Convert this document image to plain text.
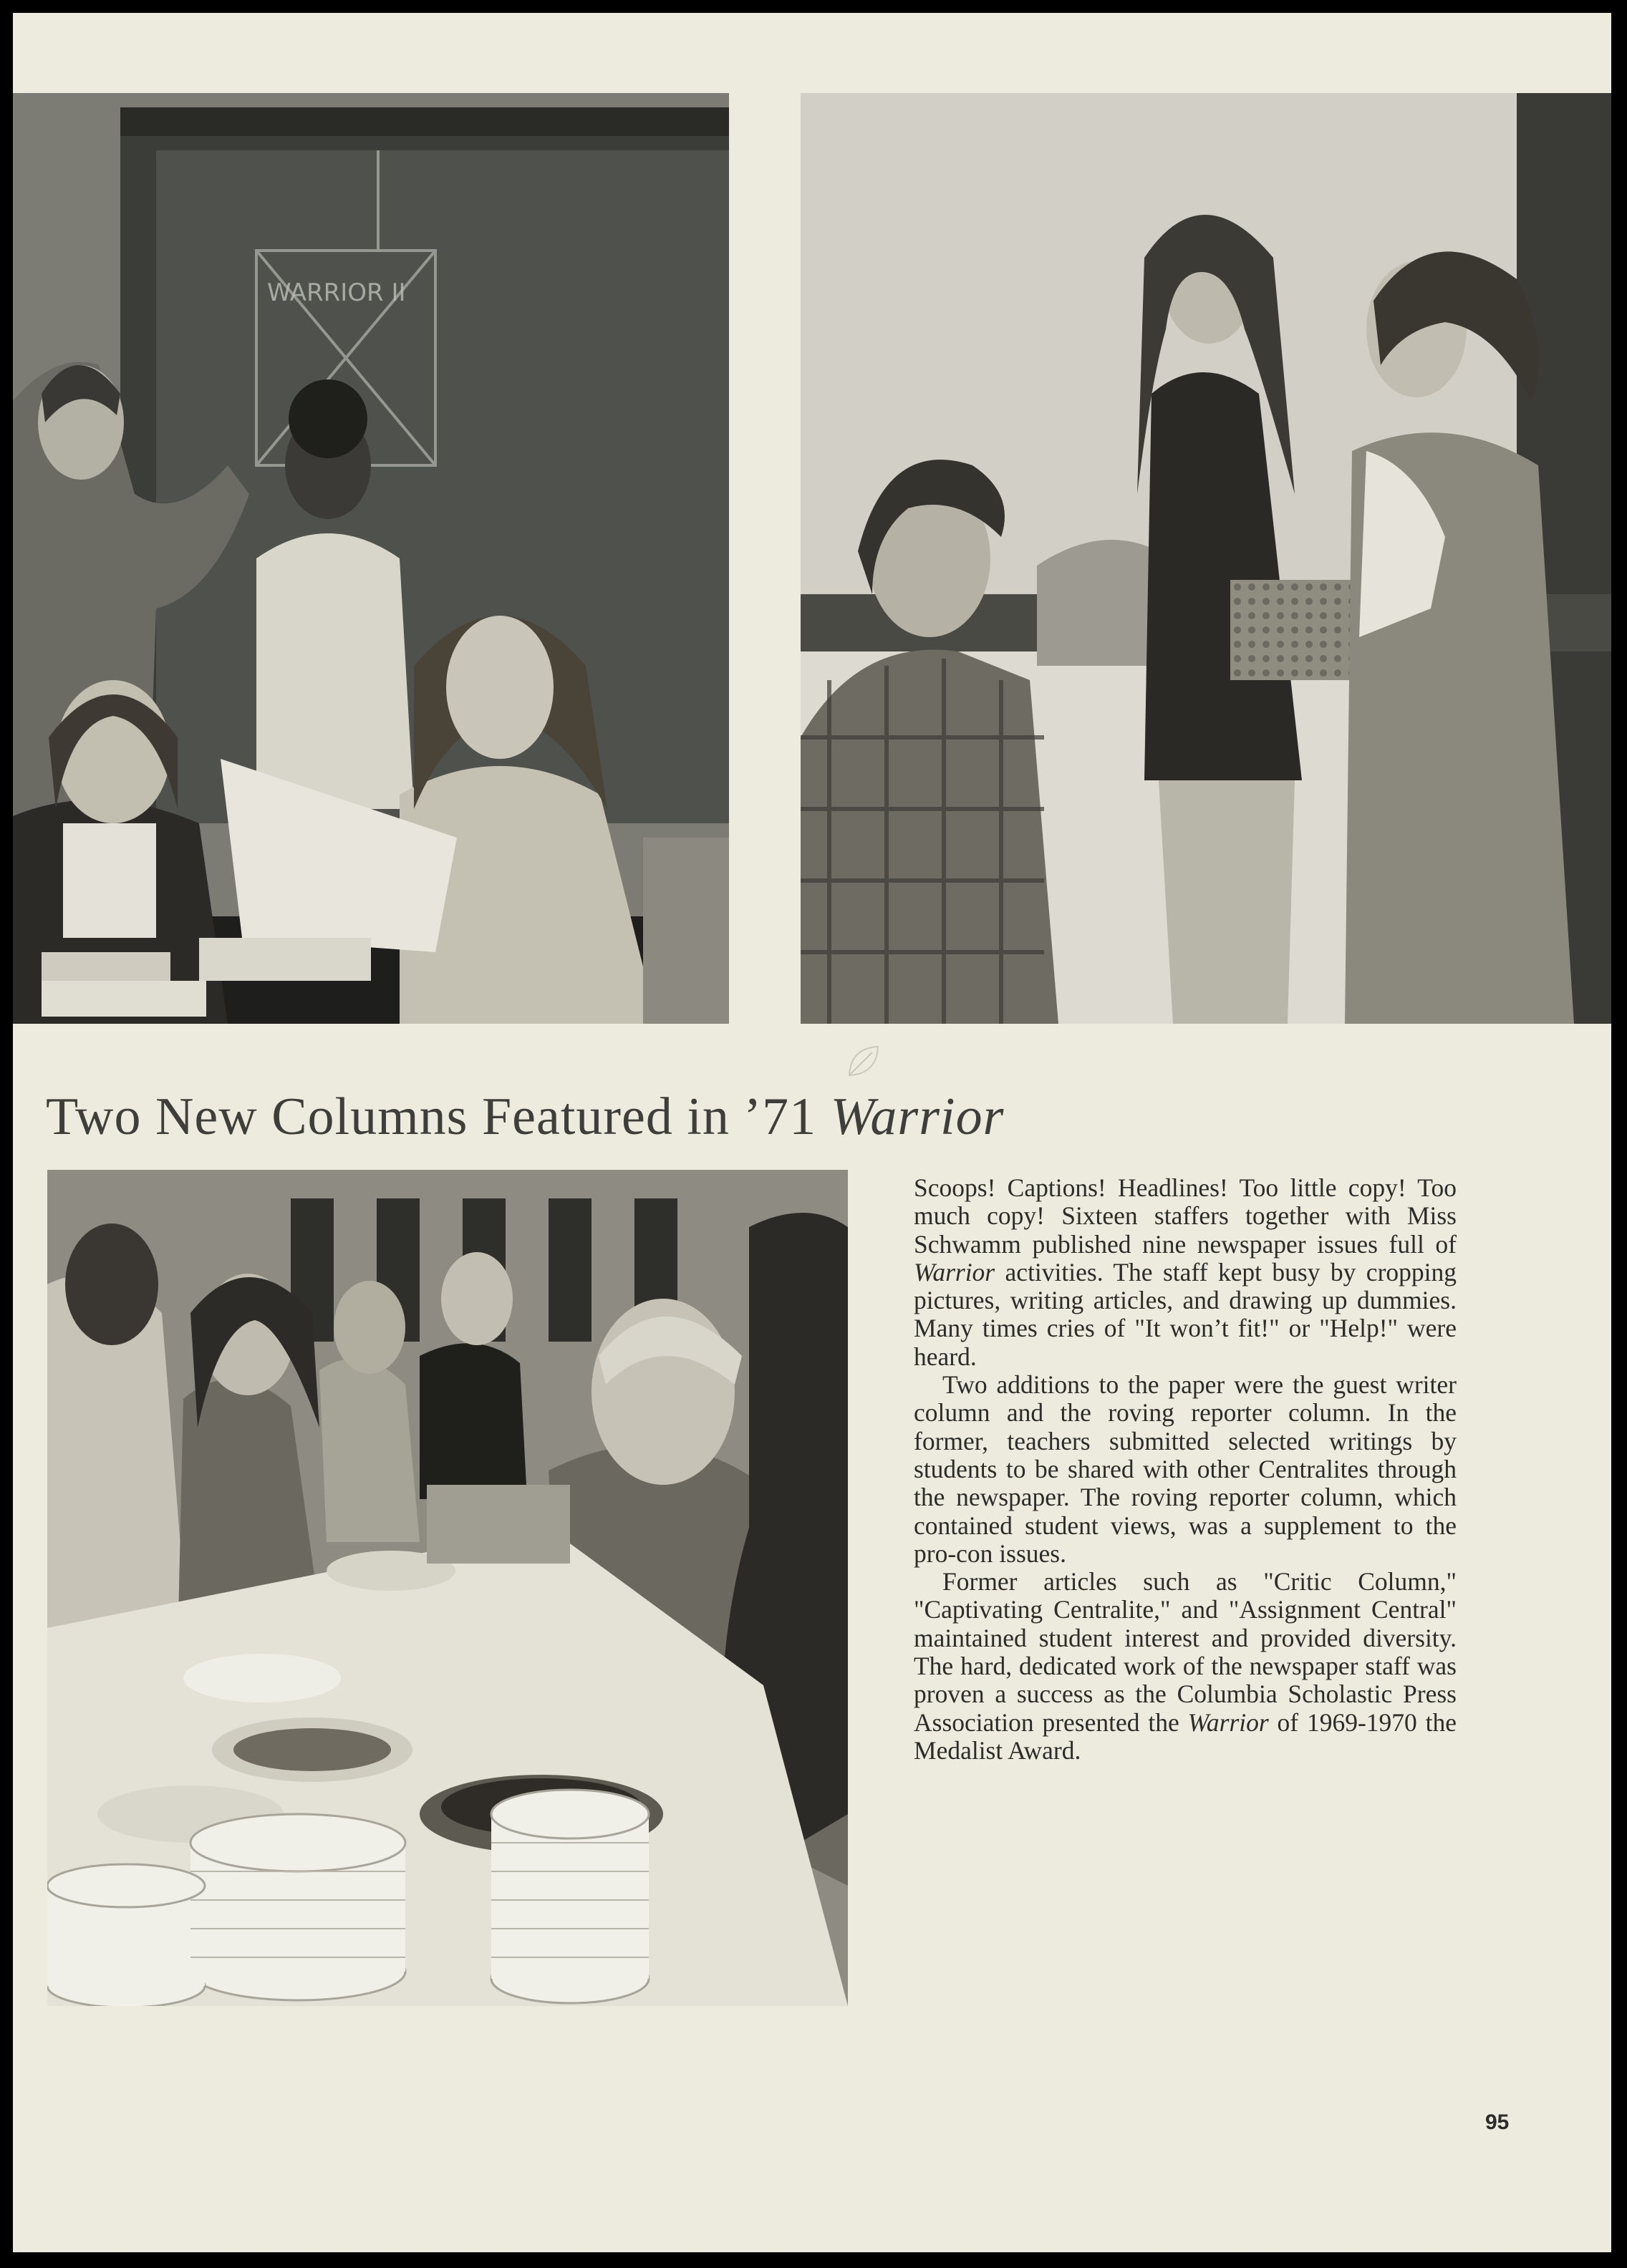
WARRIOR II
Two New Columns Featured in ’71 Warrior

Scoops! Captions! Headlines! Too little copy! Too much copy! Sixteen staffers together with Miss Schwamm published nine newspaper issues full of Warrior activities. The staff kept busy by cropping pictures, writing articles, and drawing up dummies. Many times cries of "It won’t fit!" or "Help!" were heard.

Two additions to the paper were the guest writer column and the roving reporter column. In the former, teachers submitted selected writings by students to be shared with other Centralites through the newspaper. The roving reporter column, which contained student views, was a supplement to the pro-con issues.

Former articles such as "Critic Column," "Captivating Centralite," and "Assignment Central" maintained student interest and provided diversity. The hard, dedicated work of the newspaper staff was proven a success as the Columbia Scholastic Press Association presented the Warrior of 1969-1970 the Medalist Award.

95
